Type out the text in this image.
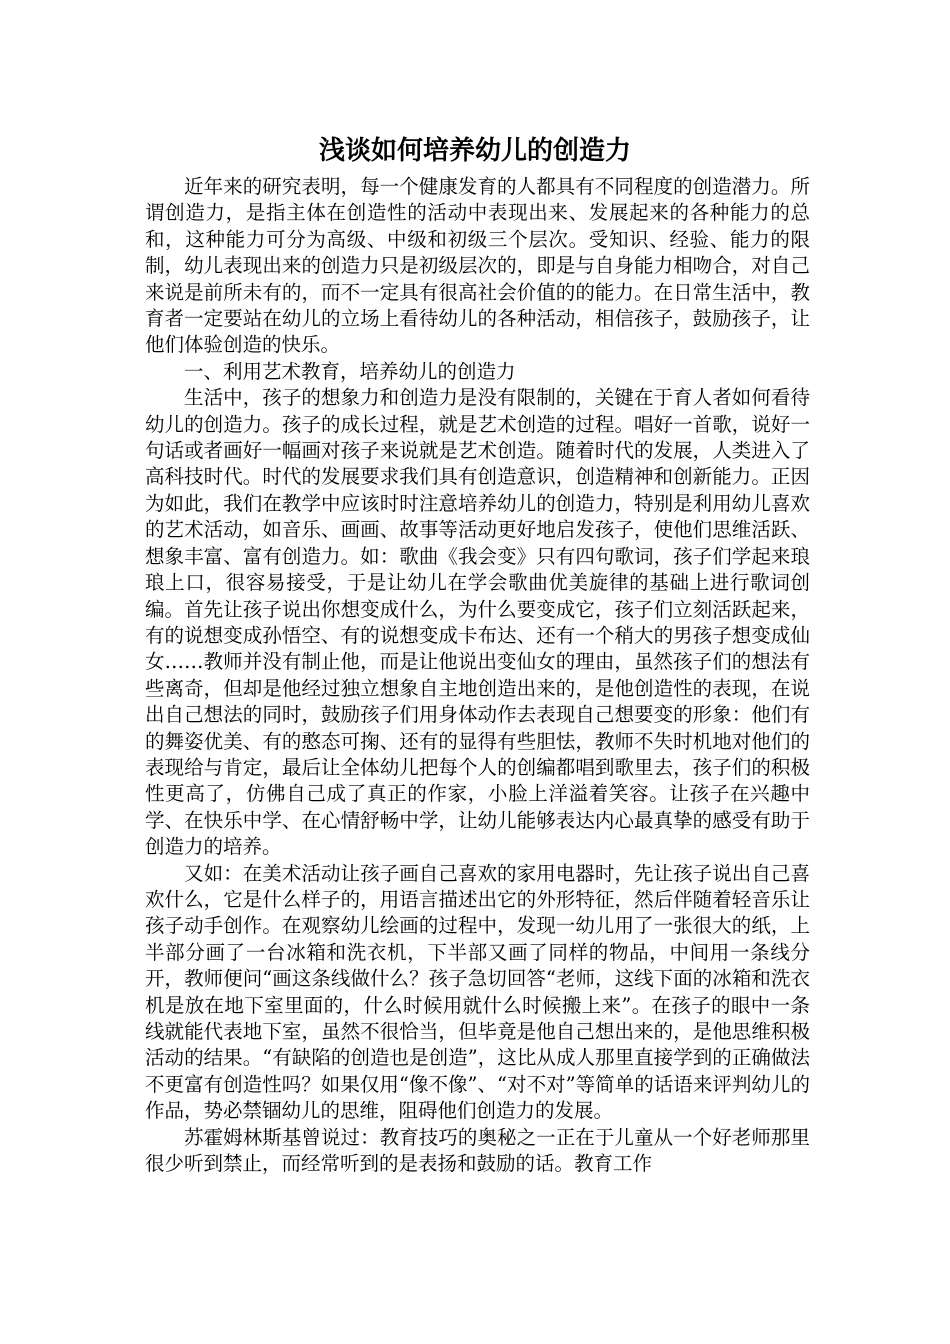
浅谈如何培养幼儿的创造力

近年来的研究表明，每一个健康发育的人都具有不同程度的创造潜力。所谓创造力，是指主体在创造性的活动中表现出来、发展起来的各种能力的总和，这种能力可分为高级、中级和初级三个层次。受知识、经验、能力的限制，幼儿表现出来的创造力只是初级层次的，即是与自身能力相吻合，对自己来说是前所未有的，而不一定具有很高社会价值的的能力。在日常生活中，教育者一定要站在幼儿的立场上看待幼儿的各种活动，相信孩子，鼓励孩子，让他们体验创造的快乐。

一、利用艺术教育，培养幼儿的创造力

生活中，孩子的想象力和创造力是没有限制的，关键在于育人者如何看待幼儿的创造力。孩子的成长过程，就是艺术创造的过程。唱好一首歌，说好一句话或者画好一幅画对孩子来说就是艺术创造。随着时代的发展，人类进入了高科技时代。时代的发展要求我们具有创造意识，创造精神和创新能力。正因为如此，我们在教学中应该时时注意培养幼儿的创造力，特别是利用幼儿喜欢的艺术活动，如音乐、画画、故事等活动更好地启发孩子，使他们思维活跃、想象丰富、富有创造力。如：歌曲《我会变》只有四句歌词，孩子们学起来琅琅上口，很容易接受，于是让幼儿在学会歌曲优美旋律的基础上进行歌词创编。首先让孩子说出你想变成什么，为什么要变成它，孩子们立刻活跃起来，有的说想变成孙悟空、有的说想变成卡布达、还有一个稍大的男孩子想变成仙女……教师并没有制止他，而是让他说出变仙女的理由，虽然孩子们的想法有些离奇，但却是他经过独立想象自主地创造出来的，是他创造性的表现，在说出自己想法的同时，鼓励孩子们用身体动作去表现自己想要变的形象：他们有的舞姿优美、有的憨态可掬、还有的显得有些胆怯，教师不失时机地对他们的表现给与肯定，最后让全体幼儿把每个人的创编都唱到歌里去，孩子们的积极性更高了，仿佛自己成了真正的作家，小脸上洋溢着笑容。让孩子在兴趣中学、在快乐中学、在心情舒畅中学，让幼儿能够表达内心最真挚的感受有助于创造力的培养。

又如：在美术活动让孩子画自己喜欢的家用电器时，先让孩子说出自己喜欢什么，它是什么样子的，用语言描述出它的外形特征，然后伴随着轻音乐让孩子动手创作。在观察幼儿绘画的过程中，发现一幼儿用了一张很大的纸，上半部分画了一台冰箱和洗衣机，下半部又画了同样的物品，中间用一条线分开，教师便问“画这条线做什么？孩子急切回答“老师，这线下面的冰箱和洗衣机是放在地下室里面的，什么时候用就什么时候搬上来”。在孩子的眼中一条线就能代表地下室，虽然不很恰当，但毕竟是他自己想出来的，是他思维积极活动的结果。“有缺陷的创造也是创造”，这比从成人那里直接学到的正确做法不更富有创造性吗？如果仅用“像不像”、“对不对”等简单的话语来评判幼儿的作品，势必禁锢幼儿的思维，阻碍他们创造力的发展。

苏霍姆林斯基曾说过：教育技巧的奥秘之一正在于儿童从一个好老师那里很少听到禁止，而经常听到的是表扬和鼓励的话。教育工作
